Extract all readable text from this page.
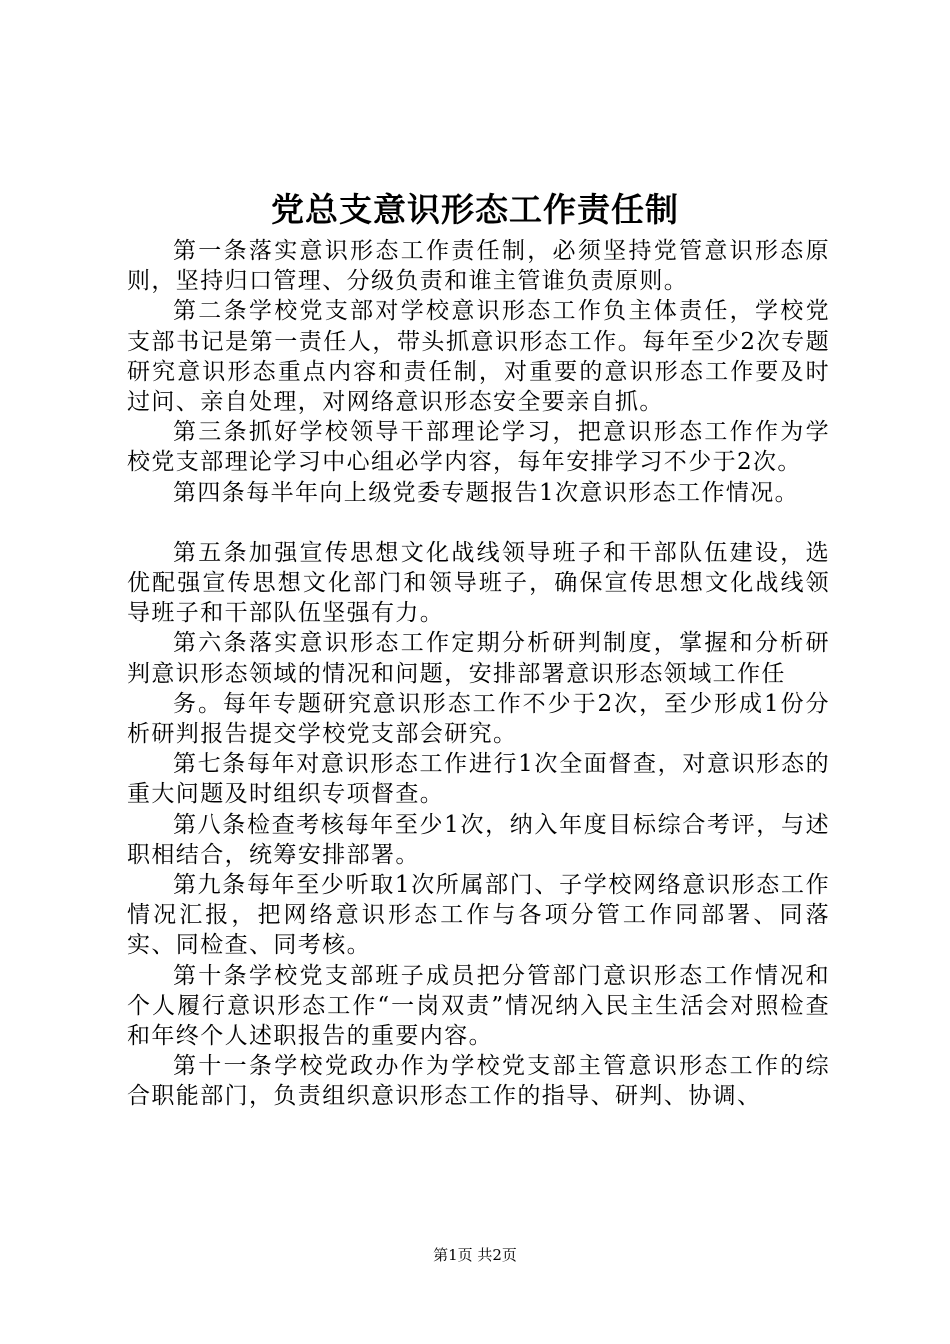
党总支意识形态工作责任制

第一条落实意识形态工作责任制，必须坚持党管意识形态原则，坚持归口管理、分级负责和谁主管谁负责原则。

第二条学校党支部对学校意识形态工作负主体责任，学校党支部书记是第一责任人，带头抓意识形态工作。每年至少2次专题研究意识形态重点内容和责任制，对重要的意识形态工作要及时过问、亲自处理，对网络意识形态安全要亲自抓。

第三条抓好学校领导干部理论学习，把意识形态工作作为学校党支部理论学习中心组必学内容，每年安排学习不少于2次。

第四条每半年向上级党委专题报告1次意识形态工作情况。

第五条加强宣传思想文化战线领导班子和干部队伍建设，选优配强宣传思想文化部门和领导班子，确保宣传思想文化战线领导班子和干部队伍坚强有力。

第六条落实意识形态工作定期分析研判制度，掌握和分析研判意识形态领域的情况和问题，安排部署意识形态领域工作任

务。每年专题研究意识形态工作不少于2次，至少形成1份分析研判报告提交学校党支部会研究。

第七条每年对意识形态工作进行1次全面督查，对意识形态的重大问题及时组织专项督查。

第八条检查考核每年至少1次，纳入年度目标综合考评，与述职相结合，统筹安排部署。

第九条每年至少听取1次所属部门、子学校网络意识形态工作情况汇报，把网络意识形态工作与各项分管工作同部署、同落实、同检查、同考核。

第十条学校党支部班子成员把分管部门意识形态工作情况和个人履行意识形态工作“一岗双责”情况纳入民主生活会对照检查和年终个人述职报告的重要内容。

第十一条学校党政办作为学校党支部主管意识形态工作的综合职能部门，负责组织意识形态工作的指导、研判、协调、

第1页 共2页
